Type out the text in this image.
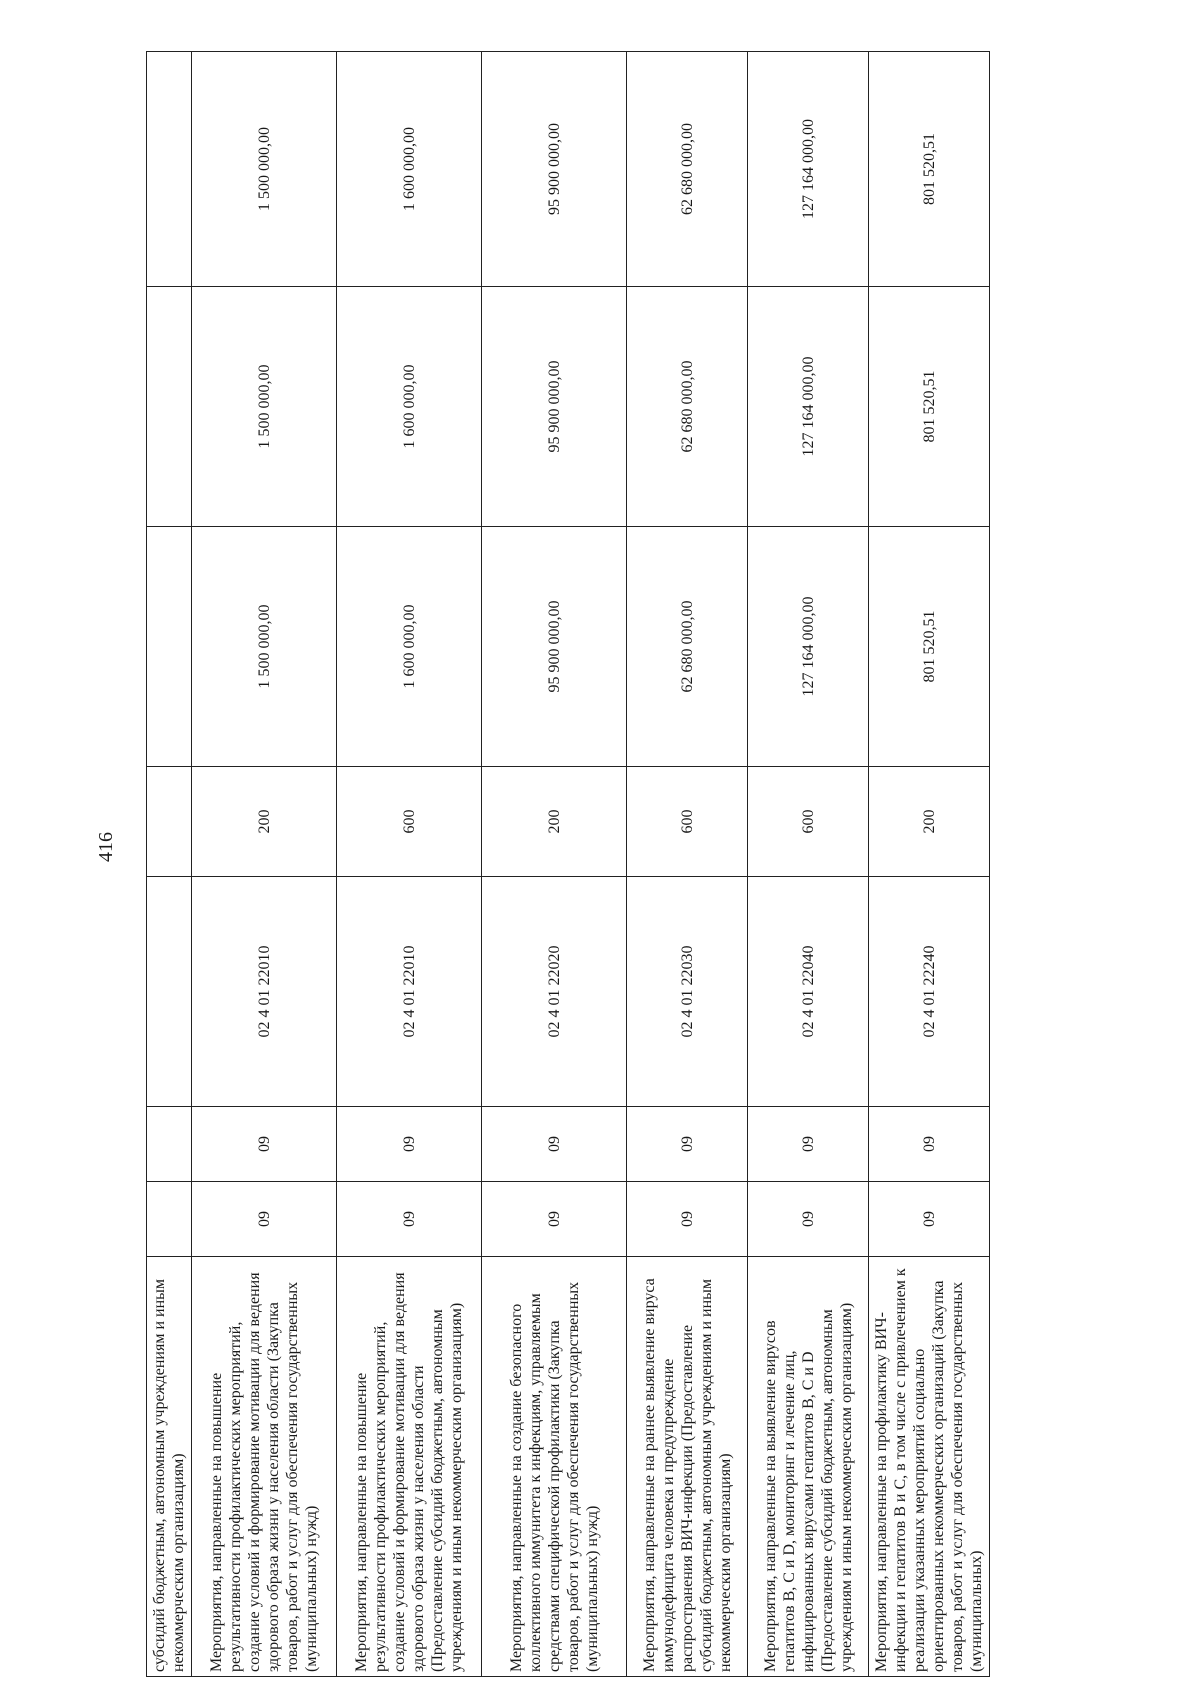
416
субсидий бюджетным, автономным учреждениям и иным некоммерческим организациям)							
Мероприятия, направленные на повышение результативности профилактических мероприятий, создание условий и формирование мотивации для ведения здорового образа жизни у населения области (Закупка товаров, работ и услуг для обеспечения государственных (муниципальных) нужд)	09	09	02 4 01 22010	200	1 500 000,00	1 500 000,00	1 500 000,00
Мероприятия, направленные на повышение результативности профилактических мероприятий, создание условий и формирование мотивации для ведения здорового образа жизни у населения области (Предоставление субсидий бюджетным, автономным учреждениям и иным некоммерческим организациям)	09	09	02 4 01 22010	600	1 600 000,00	1 600 000,00	1 600 000,00
Мероприятия, направленные на создание безопасного коллективного иммунитета к инфекциям, управляемым средствами специфической профилактики (Закупка товаров, работ и услуг для обеспечения государственных (муниципальных) нужд)	09	09	02 4 01 22020	200	95 900 000,00	95 900 000,00	95 900 000,00
Мероприятия, направленные на раннее выявление вируса иммунодефицита человека и предупреждение распространения ВИЧ-инфекции (Предоставление субсидий бюджетным, автономным учреждениям и иным некоммерческим организациям)	09	09	02 4 01 22030	600	62 680 000,00	62 680 000,00	62 680 000,00
Мероприятия, направленные на выявление вирусов гепатитов B, C и D, мониторинг и лечение лиц, инфицированных вирусами гепатитов B, C и D (Предоставление субсидий бюджетным, автономным учреждениям и иным некоммерческим организациям)	09	09	02 4 01 22040	600	127 164 000,00	127 164 000,00	127 164 000,00
Мероприятия, направленные на профилактику ВИЧ-инфекции и гепатитов B и C, в том числе с привлечением к реализации указанных мероприятий социально ориентированных некоммерческих организаций (Закупка товаров, работ и услуг для обеспечения государственных (муниципальных)	09	09	02 4 01 22240	200	801 520,51	801 520,51	801 520,51
